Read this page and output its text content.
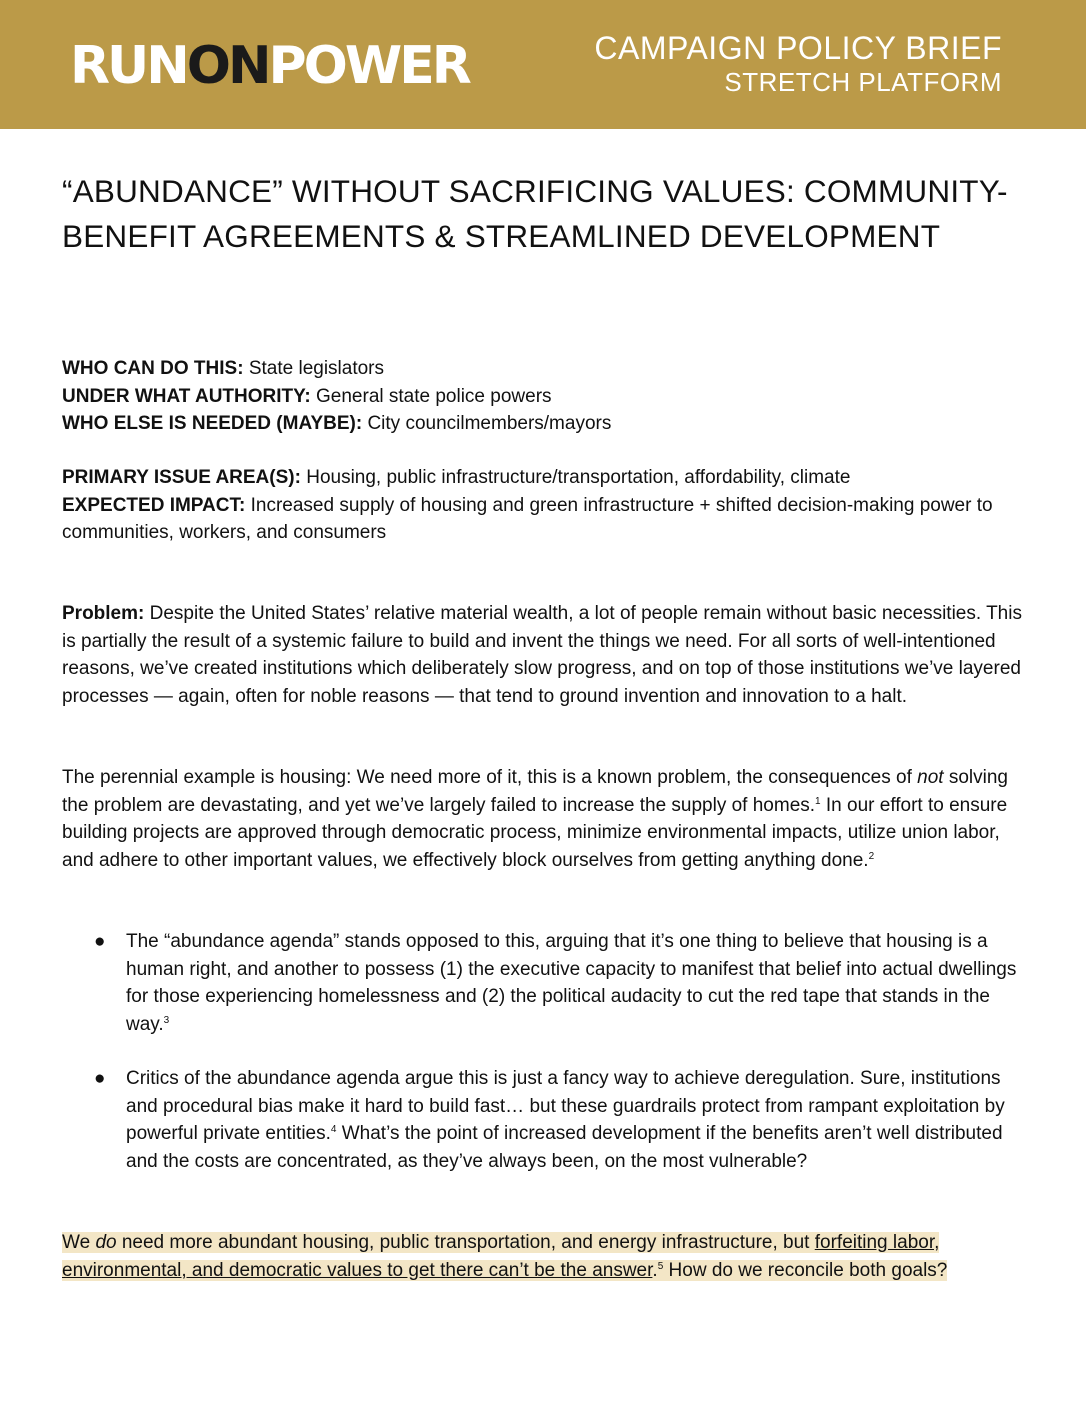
RUNONPOWER	CAMPAIGN POLICY BRIEF
STRETCH PLATFORM
“ABUNDANCE” WITHOUT SACRIFICING VALUES: COMMUNITY-BENEFIT AGREEMENTS & STREAMLINED DEVELOPMENT
WHO CAN DO THIS: State legislators
UNDER WHAT AUTHORITY: General state police powers
WHO ELSE IS NEEDED (MAYBE): City councilmembers/mayors
PRIMARY ISSUE AREA(S): Housing, public infrastructure/transportation, affordability, climate
EXPECTED IMPACT: Increased supply of housing and green infrastructure + shifted decision-making power to communities, workers, and consumers

Problem: Despite the United States’ relative material wealth, a lot of people remain without basic necessities. This is partially the result of a systemic failure to build and invent the things we need. For all sorts of well-intentioned reasons, we’ve created institutions which deliberately slow progress, and on top of those institutions we’ve layered processes — again, often for noble reasons — that tend to ground invention and innovation to a halt.

The perennial example is housing: We need more of it, this is a known problem, the consequences of not solving the problem are devastating, and yet we’ve largely failed to increase the supply of homes.$^1$ In our effort to ensure building projects are approved through democratic process, minimize environmental impacts, utilize union labor, and adhere to other important values, we effectively block ourselves from getting anything done.$^2$

● The “abundance agenda” stands opposed to this, arguing that it’s one thing to believe that housing is a human right, and another to possess (1) the executive capacity to manifest that belief into actual dwellings for those experiencing homelessness and (2) the political audacity to cut the red tape that stands in the way.$^3$
● Critics of the abundance agenda argue this is just a fancy way to achieve deregulation. Sure, institutions and procedural bias make it hard to build fast… but these guardrails protect from rampant exploitation by powerful private entities.$^4$ What’s the point of increased development if the benefits aren’t well distributed and the costs are concentrated, as they’ve always been, on the most vulnerable?

We do need more abundant housing, public transportation, and energy infrastructure, but forfeiting labor, environmental, and democratic values to get there can’t be the answer.$^5$ How do we reconcile both goals?
